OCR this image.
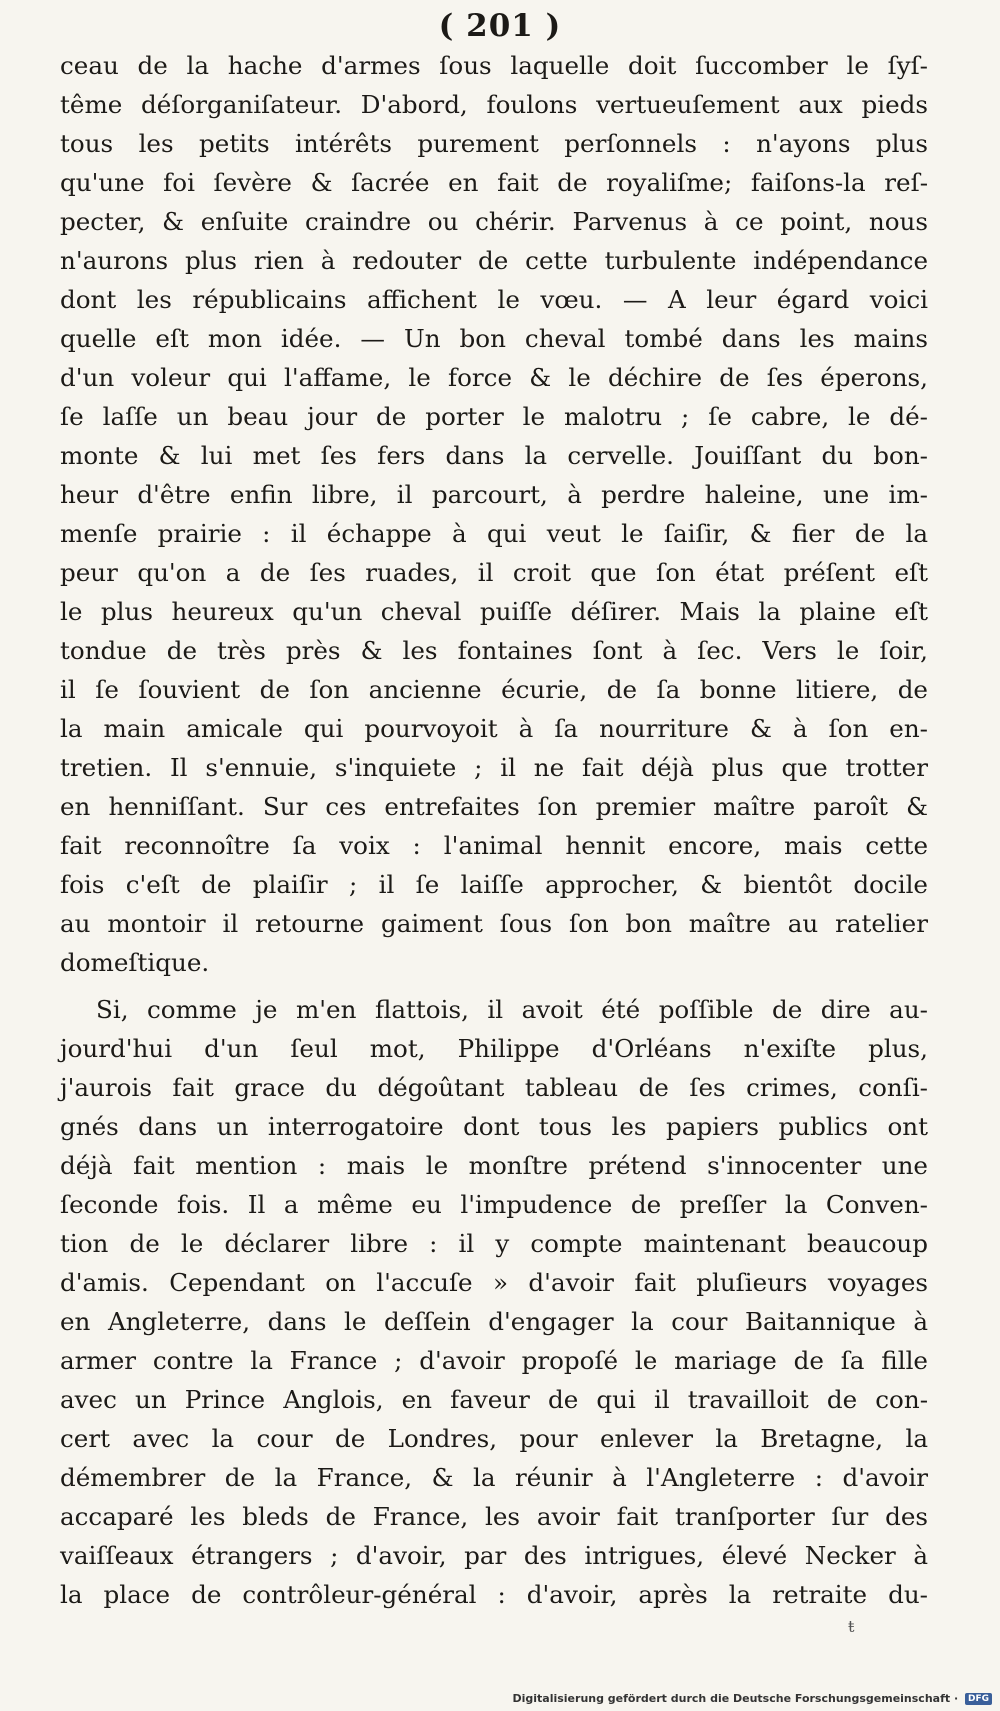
( 201 )
ceau de la hache d'armes ſous laquelle doit ſuccomber le ſyſ-
tême déſorganiſateur. D'abord, foulons vertueuſement aux pieds
tous les petits intérêts purement perſonnels : n'ayons plus
qu'une foi ſevère & ſacrée en fait de royaliſme; faiſons-la reſ-
pecter, & enſuite craindre ou chérir. Parvenus à ce point, nous
n'aurons plus rien à redouter de cette turbulente indépendance
dont les républicains affichent le vœu. — A leur égard voici
quelle eſt mon idée. — Un bon cheval tombé dans les mains
d'un voleur qui l'affame, le force & le déchire de ſes éperons,
ſe laſſe un beau jour de porter le malotru ; ſe cabre, le dé-
monte & lui met ſes fers dans la cervelle. Jouiſſant du bon-
heur d'être enfin libre, il parcourt, à perdre haleine, une im-
menſe prairie : il échappe à qui veut le ſaiſir, & fier de la
peur qu'on a de ſes ruades, il croit que ſon état préſent eſt
le plus heureux qu'un cheval puiſſe déſirer. Mais la plaine eſt
tondue de très près & les fontaines ſont à ſec. Vers le ſoir,
il ſe ſouvient de ſon ancienne écurie, de ſa bonne litiere, de
la main amicale qui pourvoyoit à ſa nourriture & à ſon en-
tretien. Il s'ennuie, s'inquiete ; il ne fait déjà plus que trotter
en henniſſant. Sur ces entrefaites ſon premier maître paroît &
fait reconnoître ſa voix : l'animal hennit encore, mais cette
fois c'eſt de plaiſir ; il ſe laiſſe approcher, & bientôt docile
au montoir il retourne gaiment ſous ſon bon maître au ratelier
domeſtique.
Si, comme je m'en flattois, il avoit été poſſible de dire au-
jourd'hui d'un ſeul mot, Philippe d'Orléans n'exiſte plus,
j'aurois fait grace du dégoûtant tableau de ſes crimes, conſi-
gnés dans un interrogatoire dont tous les papiers publics ont
déjà fait mention : mais le monſtre prétend s'innocenter une
ſeconde fois. Il a même eu l'impudence de preſſer la Conven-
tion de le déclarer libre : il y compte maintenant beaucoup
d'amis. Cependant on l'accuſe » d'avoir fait pluſieurs voyages
en Angleterre, dans le deſſein d'engager la cour Baitannique à
armer contre la France ; d'avoir propoſé le mariage de ſa fille
avec un Prince Anglois, en faveur de qui il travailloit de con-
cert avec la cour de Londres, pour enlever la Bretagne, la
démembrer de la France, & la réunir à l'Angleterre : d'avoir
accaparé les bleds de France, les avoir fait tranſporter ſur des
vaiſſeaux étrangers ; d'avoir, par des intrigues, élevé Necker à
la place de contrôleur-général : d'avoir, après la retraite du-
ŧ
Digitalisierung gefördert durch die Deutsche Forschungsgemeinschaft · DFG
